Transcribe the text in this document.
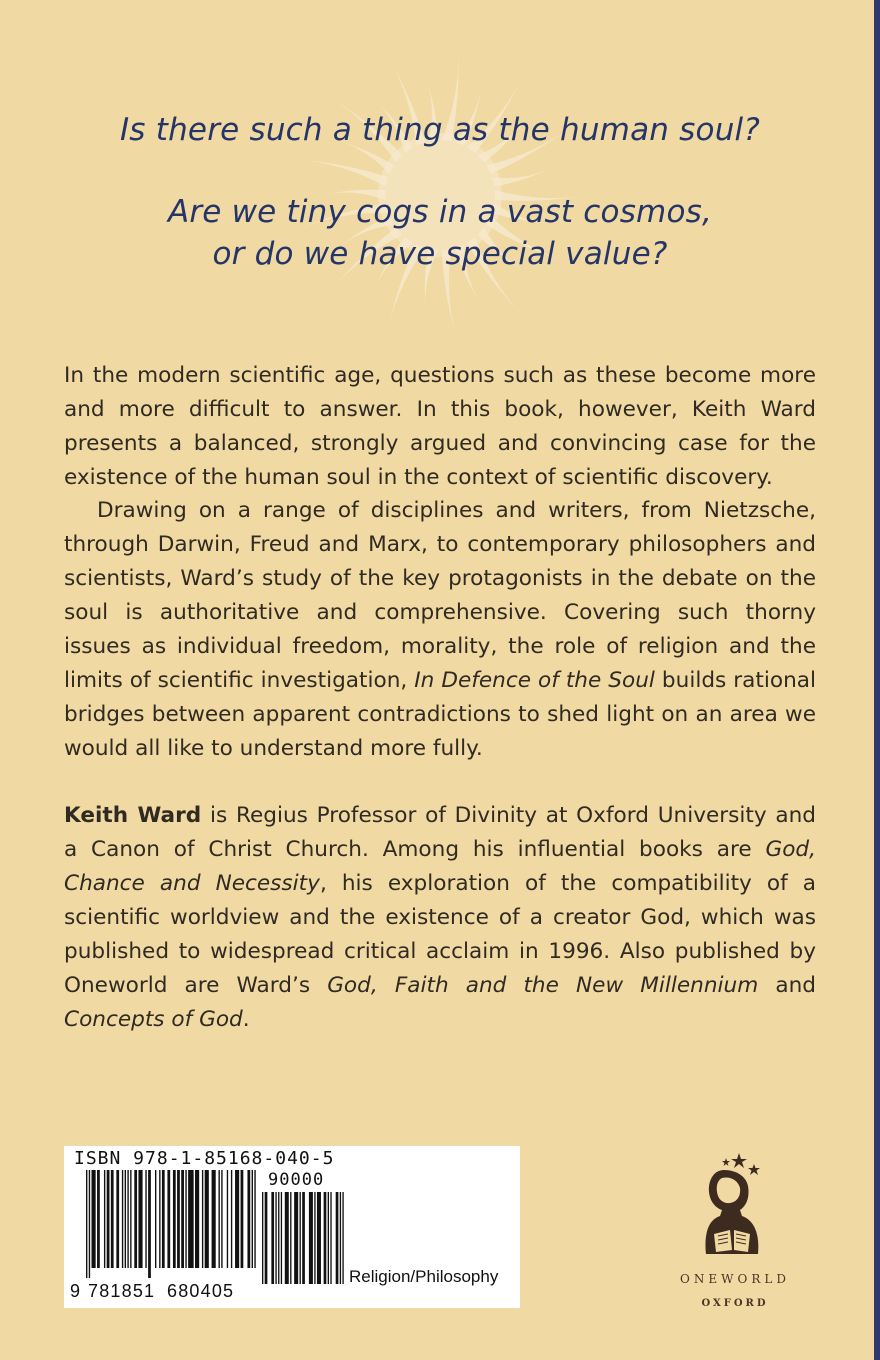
Is there such a thing as the human soul?
Are we tiny cogs in a vast cosmos,
or do we have special value?
In the modern scientific age, questions such as these become more and more difficult to answer. In this book, however, Keith Ward presents a balanced, strongly argued and convincing case for the existence of the human soul in the context of scientific discovery.
Drawing on a range of disciplines and writers, from Nietzsche, through Darwin, Freud and Marx, to contemporary philosophers and scientists, Ward’s study of the key protagonists in the debate on the soul is authoritative and comprehensive. Covering such thorny issues as individual freedom, morality, the role of religion and the limits of scientific investigation, In Defence of the Soul builds rational bridges between apparent contradictions to shed light on an area we would all like to understand more fully.
Keith Ward is Regius Professor of Divinity at Oxford University and a Canon of Christ Church. Among his influential books are God, Chance and Necessity, his exploration of the compatibility of a scientific worldview and the existence of a creator God, which was published to widespread critical acclaim in 1996. Also published by Oneworld are Ward’s God, Faith and the New Millennium and Concepts of God.
ISBN 978-1-85168-040-5
90000
9 781851 680405
Religion/Philosophy	ONEWORLD
OXFORD
